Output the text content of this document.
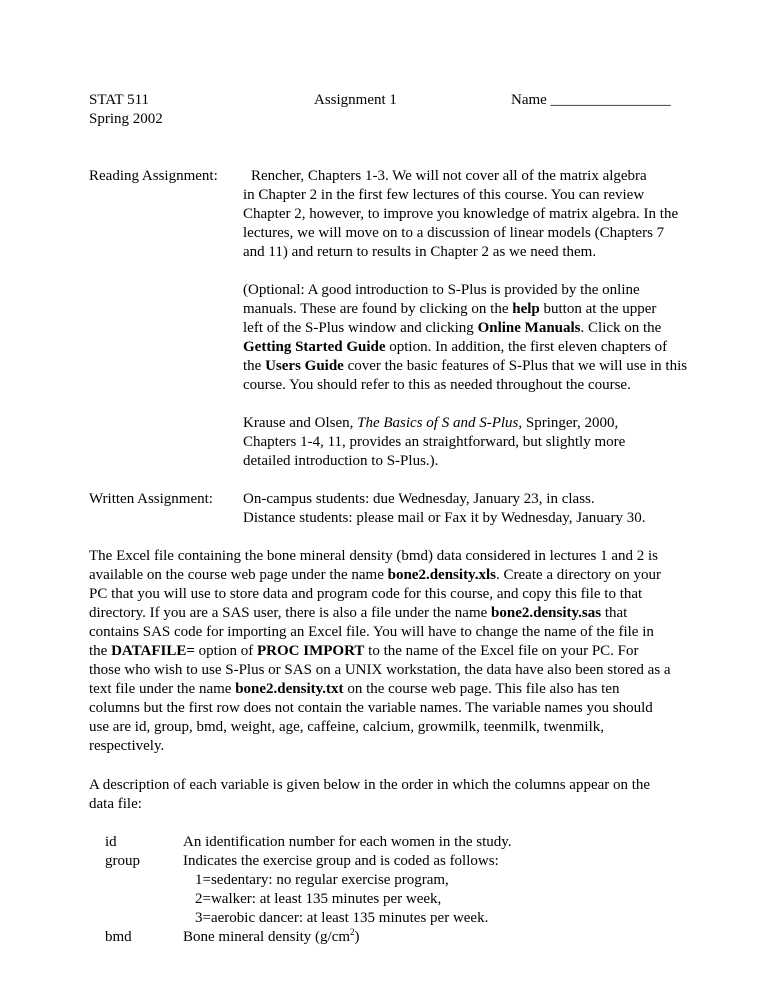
STAT 511
Spring 2002
Assignment 1	Name ________________
Reading Assignment: Rencher, Chapters 1-3. We will not cover all of the matrix algebra
in Chapter 2 in the first few lectures of this course. You can review
Chapter 2, however, to improve you knowledge of matrix algebra. In the
lectures, we will move on to a discussion of linear models (Chapters 7
and 11) and return to results in Chapter 2 as we need them.
(Optional: A good introduction to S-Plus is provided by the online
manuals. These are found by clicking on the help button at the upper
left of the S-Plus window and clicking Online Manuals. Click on the
Getting Started Guide option. In addition, the first eleven chapters of
the Users Guide cover the basic features of S-Plus that we will use in this
course. You should refer to this as needed throughout the course.
Krause and Olsen, The Basics of S and S-Plus, Springer, 2000,
Chapters 1-4, 11, provides an straightforward, but slightly more
detailed introduction to S-Plus.).
Written Assignment: On-campus students: due Wednesday, January 23, in class.
Distance students: please mail or Fax it by Wednesday, January 30.
The Excel file containing the bone mineral density (bmd) data considered in lectures 1 and 2 is
available on the course web page under the name bone2.density.xls. Create a directory on your
PC that you will use to store data and program code for this course, and copy this file to that
directory. If you are a SAS user, there is also a file under the name bone2.density.sas that
contains SAS code for importing an Excel file. You will have to change the name of the file in
the DATAFILE= option of PROC IMPORT to the name of the Excel file on your PC. For
those who wish to use S-Plus or SAS on a UNIX workstation, the data have also been stored as a
text file under the name bone2.density.txt on the course web page. This file also has ten
columns but the first row does not contain the variable names. The variable names you should
use are id, group, bmd, weight, age, caffeine, calcium, growmilk, teenmilk, twenmilk,
respectively.
A description of each variable is given below in the order in which the columns appear on the
data file:
id	An identification number for each women in the study.
group	Indicates the exercise group and is coded as follows:
1=sedentary: no regular exercise program,
2=walker: at least 135 minutes per week,
3=aerobic dancer: at least 135 minutes per week.
bmd	Bone mineral density $(g/cm^2)$
